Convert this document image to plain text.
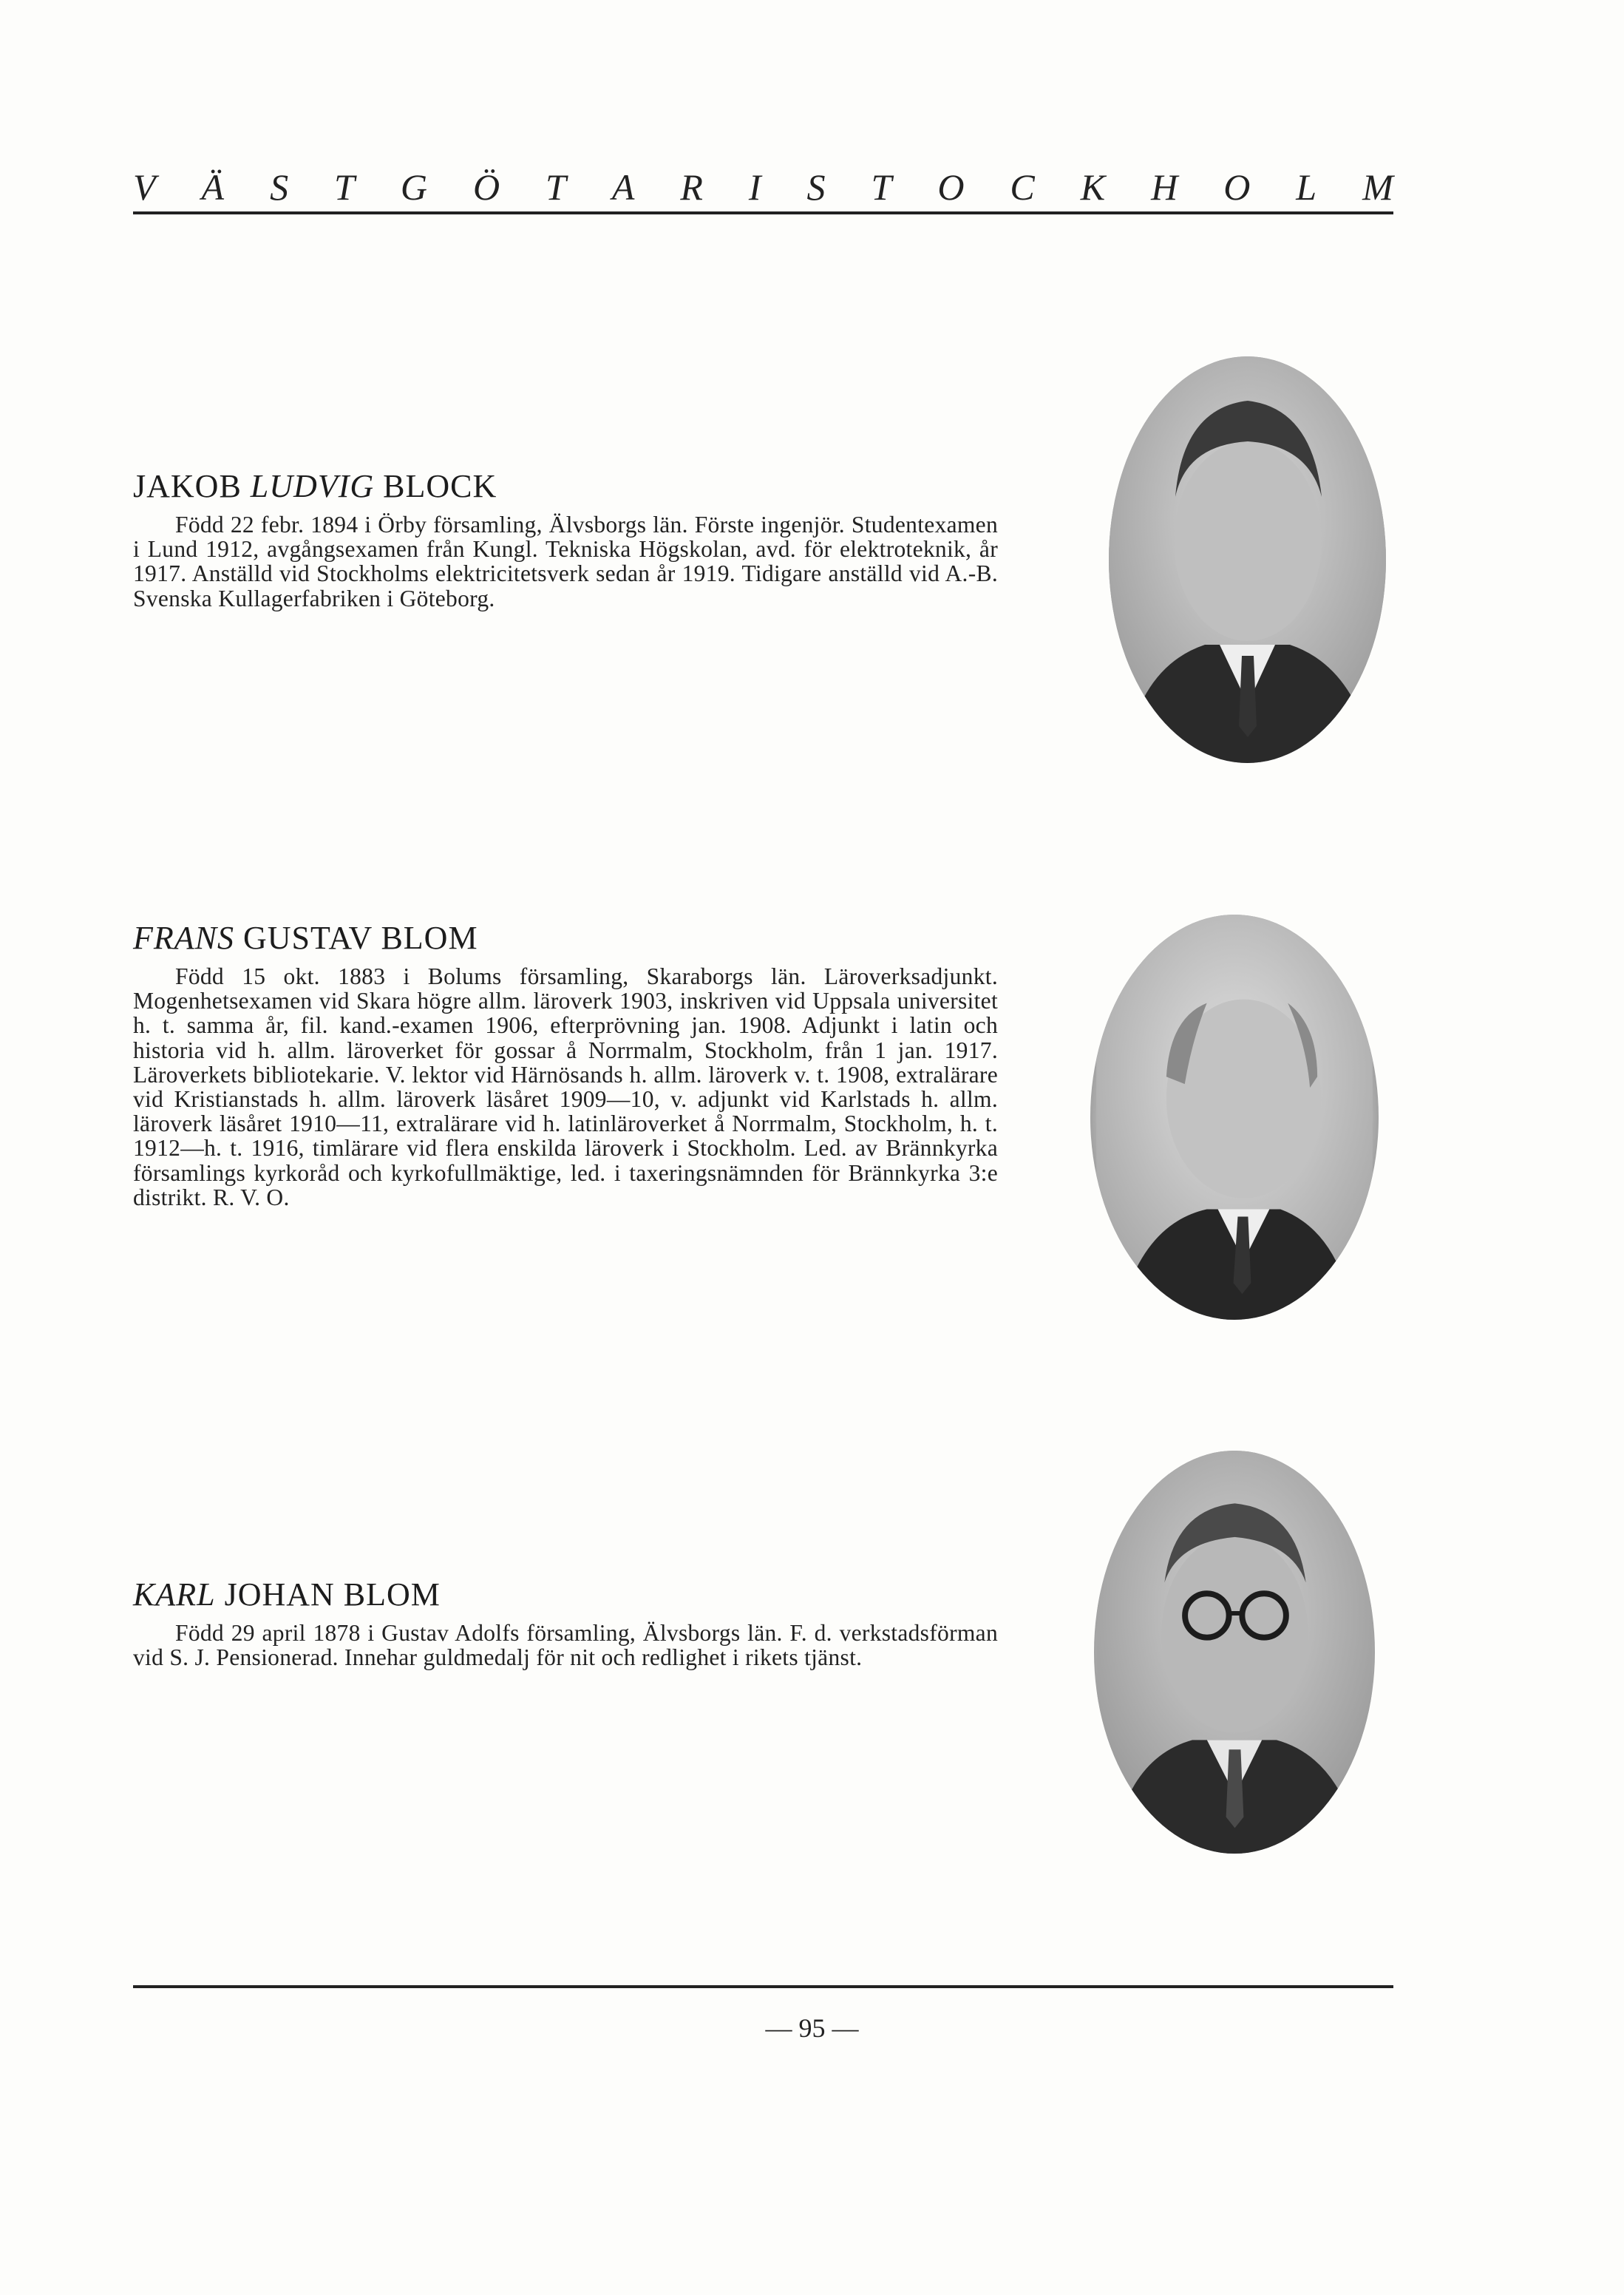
V Ä S T G Ö T A R I S T O C K H O L M
JAKOB LUDVIG BLOCK

Född 22 febr. 1894 i Örby församling, Älvsborgs län. Förste ingenjör. Studentexamen i Lund 1912, avgångsexamen från Kungl. Tekniska Högskolan, avd. för elektroteknik, år 1917. Anställd vid Stockholms elektricitetsverk sedan år 1919. Tidigare anställd vid A.-B. Svenska Kullagerfabriken i Göteborg.

FRANS GUSTAV BLOM

Född 15 okt. 1883 i Bolums församling, Skaraborgs län. Läroverksadjunkt. Mogenhetsexamen vid Skara högre allm. läroverk 1903, inskriven vid Uppsala universitet h. t. samma år, fil. kand.-examen 1906, efterprövning jan. 1908. Adjunkt i latin och historia vid h. allm. läroverket för gossar å Norrmalm, Stockholm, från 1 jan. 1917. Läroverkets bibliotekarie. V. lektor vid Härnösands h. allm. läroverk v. t. 1908, extralärare vid Kristianstads h. allm. läroverk läsåret 1909—10, v. adjunkt vid Karlstads h. allm. läroverk läsåret 1910—11, extralärare vid h. latinläroverket å Norrmalm, Stockholm, h. t. 1912—h. t. 1916, timlärare vid flera enskilda läroverk i Stockholm. Led. av Brännkyrka församlings kyrkoråd och kyrkofullmäktige, led. i taxeringsnämnden för Brännkyrka 3:e distrikt. R. V. O.

KARL JOHAN BLOM

Född 29 april 1878 i Gustav Adolfs församling, Älvsborgs län. F. d. verkstadsförman vid S. J. Pensionerad. Innehar guldmedalj för nit och redlighet i rikets tjänst.

— 95 —
